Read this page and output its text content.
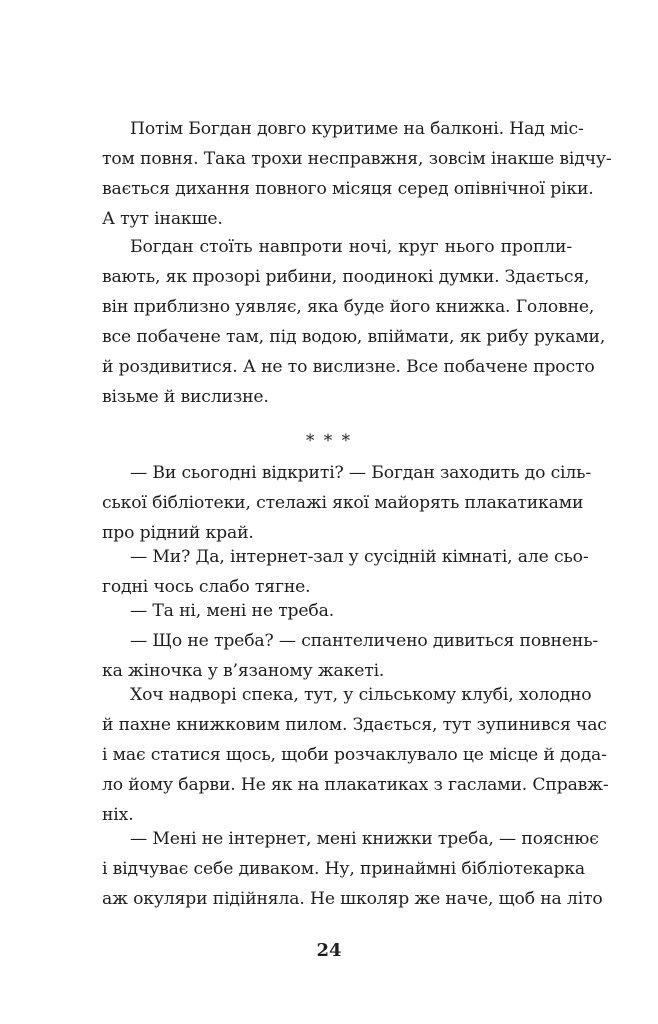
Потім Богдан довго куритиме на балконі. Над міс-
том повня. Така трохи несправжня, зовсім інакше відчу-
вається дихання повного місяця серед опівнічної ріки.
А тут інакше.
Богдан стоїть навпроти ночі, круг нього пропли-
вають, як прозорі рибини, поодинокі думки. Здається,
він приблизно уявляє, яка буде його книжка. Головне,
все побачене там, під водою, впіймати, як рибу руками,
й роздивитися. А не то вислизне. Все побачене просто
візьме й вислизне.
* * *
— Ви сьогодні відкриті? — Богдан заходить до сіль-
ської бібліотеки, стелажі якої майорять плакатиками
про рідний край.
— Ми? Да, інтернет-зал у сусідній кімнаті, але сьо-
годні чось слабо тягне.
— Та ні, мені не треба.
— Що не треба? — спантеличено дивиться повнень-
ка жіночка у в’язаному жакеті.
Хоч надворі спека, тут, у сільському клубі, холодно
й пахне книжковим пилом. Здається, тут зупинився час
і має статися щось, щоби розчаклувало це місце й дода-
ло йому барви. Не як на плакатиках з гаслами. Справж-
ніх.
— Мені не інтернет, мені книжки треба, — пояснює
і відчуває себе диваком. Ну, принаймні бібліотекарка
аж окуляри підійняла. Не школяр же наче, щоб на літо
24
